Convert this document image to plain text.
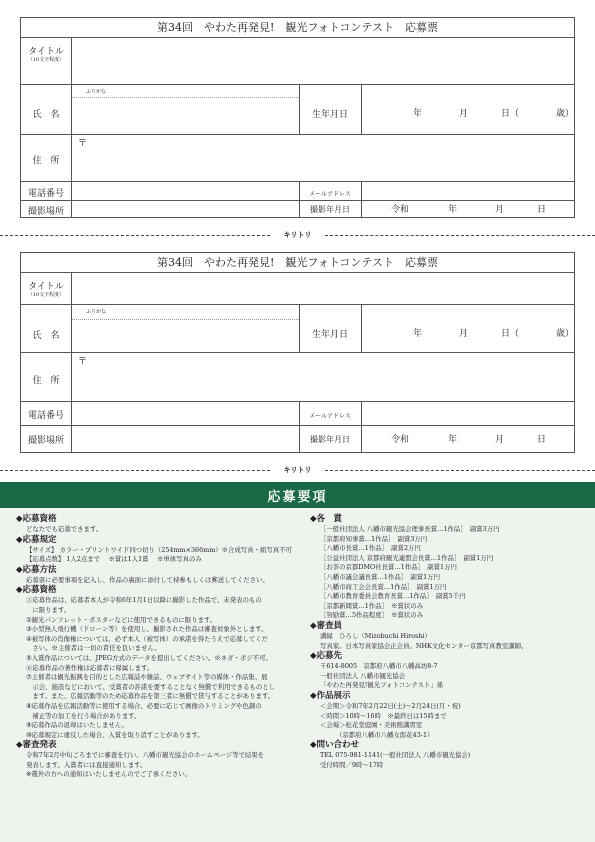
第34回　やわた再発見!　観光フォトコンテスト　応募票
タイトル
（10文字程度）
ふりがな
氏　名	生年月日	年	月	日（	歳）
住　所
〒
電話番号	メールアドレス
撮影場所	撮影年月日	令和	年	月	日
キリトリ
第34回　やわた再発見!　観光フォトコンテスト　応募票
タイトル
（10文字程度）
ふりがな
氏　名	生年月日	年	月	日（	歳）
住　所
〒
電話番号	メールアドレス
撮影場所	撮影年月日	令和	年	月	日
キリトリ
応募要項
◆応募資格

どなたでも応募できます。

◆応募規定

【サイズ】 カラー・プリントワイド四つ切り（254mm×366mm）※合成写真・組写真不可
【応募点数】 1人2点まで　 ※賞は1人1賞 　※単体写真のみ

◆応募方法

応募票に必要事項を記入し、作品の裏面に添付して持参もしくは郵送してください。

◆応募資格

①応募作品は、応募者本人が令和6年1月1日以降に撮影した作品で、未発表のもの
　に限ります。
②観光パンフレット・ポスターなどに使用できるものに限ります。
③小型無人飛行機（ドローン等）を使用し、撮影された作品は審査対象外とします。
④被写体の肖像権については、必ず本人（被写体）の承諾を得たうえで応募してくだ
　さい。※主催者は一切の責任を負いません。
⑤入賞作品については、JPEG方式のデータを提出してください。※ネガ・ポジ不可。
⑥応募作品の著作権は応募者に帰属します。
⑦主催者は観光振興を目的とした広報誌や雑誌、ウェブサイト等の媒体・作品集、展
　示会、施設などにおいて、受賞者の許諾を要することなく無償で利用できるものとし
　ます。また、広報活動等のため応募作品を第三者に無償で貸与することがあります。
⑧応募作品を広報活動等に使用する場合、必要に応じて画像のトリミングや色調の
　補正等の加工を行う場合があります。
⑨応募作品の返却はいたしません。
⑩応募規定に違反した場合、入賞を取り消すことがあります。

◆審査発表

令和7年2月中旬ごろまでに審査を行い、八幡市観光協会のホームページ等で結果を
発表します。入賞者には直接通知します。
※選外の方への通知はいたしませんのでご了承ください。

◆各　賞

［一般社団法人 八幡市観光協会理事長賞…1作品］　副賞3万円
［京都府知事賞…1作品］　副賞3万円
［八幡市長賞…1作品］　副賞2万円
［公益社団法人 京都府観光連盟会長賞…1作品］　副賞1万円
［お茶の京都DMO社長賞…1作品］　副賞1万円
［八幡市議会議長賞…1作品］　副賞1万円
［八幡市商工会会長賞…1作品］　副賞1万円
［八幡市教育委員会教育長賞…1作品］　副賞5千円
［京都新聞賞…1作品］　※賞状のみ
［努励賞…5作品程度］　※賞状のみ

◆審査員

溝縁　ひろし（Mizobuchi Hiroshi）
写真家。日本写真家協会正会員。NHK文化センター京都写真教室講師。

◆応募先

〒614-8005　京都府八幡市八幡高坊8-7
一般社団法人 八幡市観光協会
「やわた再発見!観光フォトコンテスト」係

◆作品展示

＜会期＞令和7年2月22日(土)～2月24日(月・祝)
＜時間＞10時～16時　※最終日は15時まで
＜会場＞松花堂庭園・美術館講習室
　　　（京都府八幡市八幡女郎花43-1）

◆問い合わせ

TEL 075-981-1141(一般社団法人 八幡市観光協会)
受付時間／9時～17時
